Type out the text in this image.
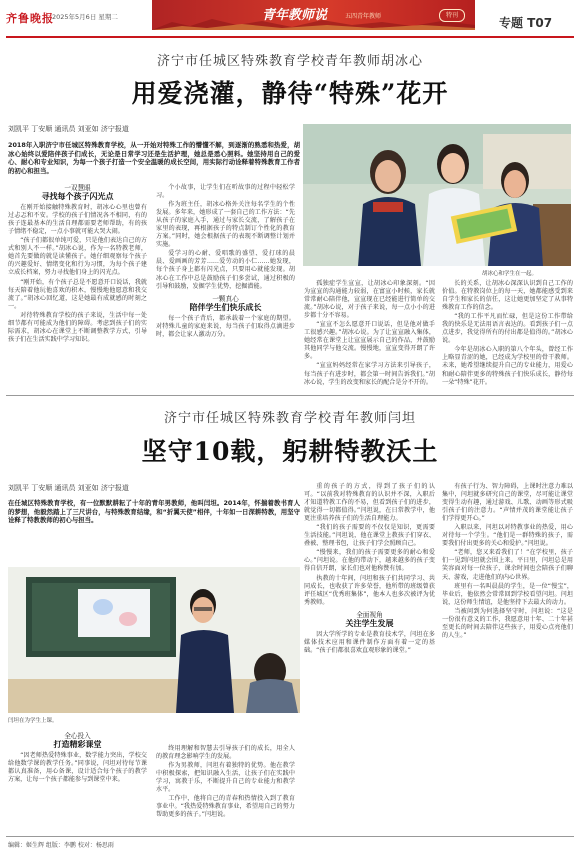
齐鲁晚报
2025年5月6日 星期二	青年教师说	五四青年教师	特刊
专题 T07
济宁市任城区特殊教育学校青年教师胡冰心
用爱浇灌，静待“特殊”花开
刘凯平 丁安顺 通讯员 刘亚如 济宁报道
2018年入职济宁市任城区特殊教育学校，从一开始对特殊工作的懵懂不解，到逐渐的熟悉和热爱，胡冰心始终以爱陪伴孩子们成长，无论是日常学习还是生活护理，她总是悉心照料。她坚持用自己的爱心、耐心和专业知识，为每一个孩子打造一个安全温暖的成长空间，用实际行动诠释着特殊教育工作者的初心和担当。
胡冰心和学生在一起。
一双慧眼
寻找每个孩子闪光点

在刚开始接触特殊教育时，胡冰心心里也曾有过忐忑和不安。学校的孩子们情况各不相同，有的孩子连最基本的生活自理都需要老师帮助，有的孩子情绪不稳定，一点小事就可能大哭大闹。

“孩子们都很单纯可爱，只是他们表达自己的方式和别人不一样。”胡冰心说，作为一名特教老师，她首先要做的就是读懂孩子。她仔细观察每个孩子的兴趣爱好、情绪变化和行为习惯，为每个孩子建立成长档案，努力寻找他们身上的闪光点。

“刚开始，有个孩子总是不愿意开口说话，我就每天陪着他玩他喜欢的积木，慢慢地他愿意和我交流了。”胡冰心回忆道，这是她最有成就感的时刻之一。

对待特殊教育学校的孩子来说，生活中每一处细节都有可能成为他们的障碍。考虑到孩子们的实际需求，胡冰心在课堂上不断调整教学方式，引导孩子们在生活实践中学习知识。

个小故事，让学生们在听故事的过程中轻松学习。

作为班主任，胡冰心格外关注每名学生的个性发展。多年来，她形成了一套自己的工作方法：“先从孩子的家庭入手，通过与家长交流，了解孩子在家里的表现，再根据孩子的特点制订个性化的教育方案。”同时，她会根据孩子的表现不断调整计划并实施。

爱学习的心耐、爱唱歌的盛望、爱打球的晨晨、爱画画的芳芳……爱劳动的小仁……她发现，每个孩子身上都有闪光点，只要用心就能发现。胡冰心在工作中总是鼓励孩子们多尝试，通过积极的引导和鼓励，发掘学生优势，挖掘潜能。

一颗真心
陪伴学生们快乐成长

每一个孩子背后，都承载着一个家庭的期望。对特殊儿童的家庭来说，每当孩子们取得点滴进步时，都会让家人激动万分。

孤独症学生宣宣，让胡冰心印象深刻。“因为宣宣的沟通能力较弱，在富宣小时候，家长就常常耐心陪伴他，宣宣现在已经能进行简单的交流。”胡冰心说，对于孩子来说，每一点小小的进步都十分不容易。

“宣宣不怎么愿意开口说话，但是他对做手工很感兴趣。”胡冰心说。为了让宣宣融入集体，她经常在课堂上让宣宣展示自己的作品，并鼓励其他同学与他交流。慢慢地，宣宣变得开朗了许多。

“宣宣妈妈经常在家学习方法来引导孩子，每当孩子有进步时，都会第一时间告诉我们。”胡冰心说，学生的改变和家长的配合是分不开的。

长的关系，让胡冰心深深认识到自己工作的价值。在特教岗位上的每一天，她都能感受到来自学生和家长的信任，这让她更加坚定了从事特殊教育工作的信念。

“我的工作平凡而忙碌，但是这份工作带给我的快乐是无法用语言表达的。看到孩子们一点点进步，我觉得所有的付出都是值得的。”胡冰心说。

今年是胡冰心入职的第八个年头，曾经工作上略显青涩的她，已经成为学校里的骨干教师。未来，她希望继续提升自己的专业能力，用爱心和耐心陪伴更多的特殊孩子们快乐成长，静待每一朵“特殊”花开。

济宁市任城区特殊教育学校青年教师闫坦
坚守10载，躬耕特教沃土
刘凯平 丁安顺 通讯员 刘亚如 济宁报道
在任城区特殊教育学校，有一位默默耕耘了十年的青年男教师，他叫闫坦。2014年，怀揣着教书育人的梦想，他毅然踏上了三尺讲台，与特殊教育结缘，和“折翼天使”相伴，十年如一日深耕特教，用坚守诠释了特教教师的初心与担当。
闫坦在为学生上课。
全心投入
打造精彩课堂

“因老师热爱特殊事业，数学能力突出，学校交给他数学课的教学任务。”同事说，闫坦对待每节课都认真准备，用心备课，设计适合每个孩子的教学方案，让每一个孩子都能参与到课堂中来。

终用理解和智慧去引导孩子们的成长，用全人的教育理念影响学生的发展。

作为男教师，闫坦有着独特的优势。他在教学中积极探索，把知识融入生活，让孩子们在实践中学习，寓教于乐，不断提升自己的专业能力和教学水平。

工作中，他将自己的青春和热情投入到了教育事业中。“我热爱特殊教育事业，希望用自己的努力帮助更多的孩子。”闫坦说。

重的孩子的方式，得到了孩子们的认可。“以前我对特殊教育的认识并不深，入职后才知道特教工作的不易，但看到孩子们的进步，就觉得一切都值得。”闫坦说，在日常教学中，他更注重培养孩子们的生活自理能力。

“我们的孩子需要的不仅仅是知识，更需要生活技能。”闫坦说，他在课堂上教孩子们穿衣、叠被、整理书包，让孩子们学会照顾自己。

“慢慢来，我们的孩子需要更多的耐心和爱心。”闫坦说。在他的带动下，越来越多的孩子变得自信开朗，家长们也对他称赞有加。

执教的十年间，闫坦和孩子们共同学习、共同成长，也收获了许多荣誉，他所带的班级曾获评任城区“优秀班集体”，他本人也多次被评为优秀教师。

全面视角
关注学生发展

因大学所学的专业是教育技术学，闫坦在多媒体技术应用和课件制作方面有着一定的基础。“孩子们都很喜欢直观形象的课堂。”

有孩子行为、智力障碍，上课时注意力难以集中，闫坦就多研究自己的课堂，尽可能让课堂变得生动有趣，通过游戏、儿歌、动画等形式吸引孩子们的注意力。“声情并茂的课堂能让孩子们学得更开心。”

入职以来，闫坦以对特教事业的热爱，用心对待每一个学生。“他们是一群特殊的孩子，需要我们付出更多的关心和爱护。”闫坦说。

“老师，您又来看我们了！”在学校里，孩子们一见到闫坦就会围上来。平日里，闫坦总是用笑容面对每一位孩子，课余时间也会陪孩子们聊天、游戏，走进他们的内心世界。

班里有一名叫晨晨的学生，是一位“慢宝”，毕业后，他依然会常常回到学校看望闫坦。闫坦说，这份师生情谊，是他坚持下去最大的动力。

当被问到为何选择坚守时，闫坦说：“这是一份很有意义的工作，我愿意用十年、二十年甚至更长的时间去陪伴这些孩子，用爱心点亮他们的人生。”

编辑：姬生辉 组版：李鹏 校对：杨思雨
